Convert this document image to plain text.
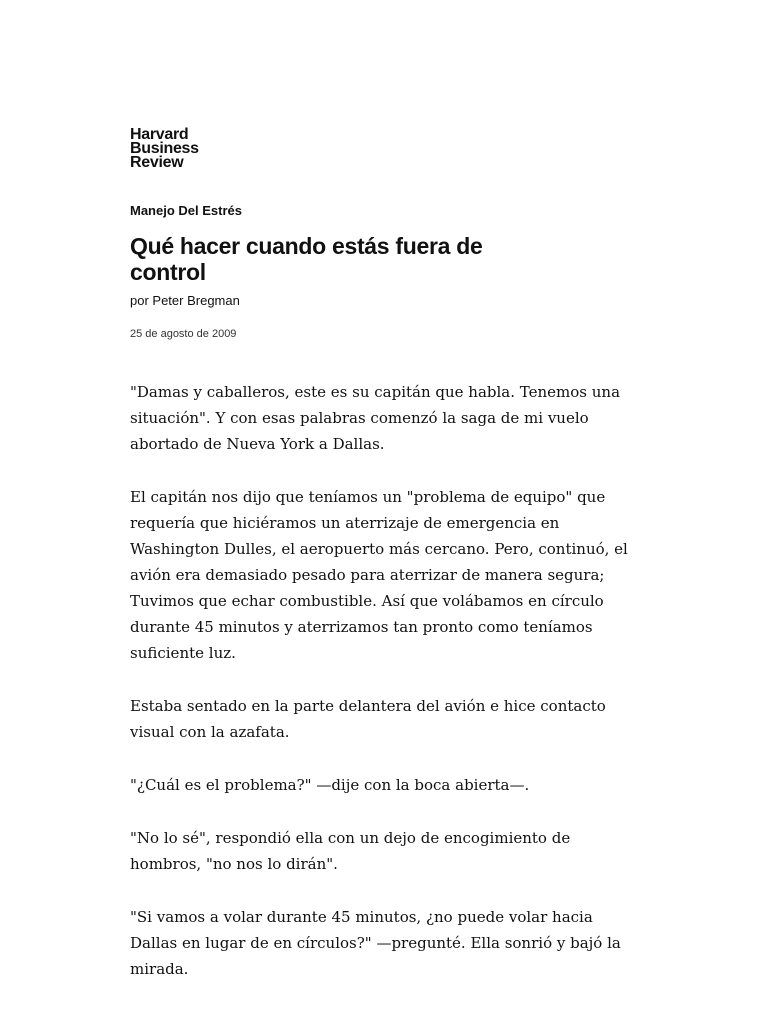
Harvard
Business
Review
Manejo Del Estrés
Qué hacer cuando estás fuera de control
por Peter Bregman
25 de agosto de 2009

"Damas y caballeros, este es su capitán que habla. Tenemos una situación". Y con esas palabras comenzó la saga de mi vuelo abortado de Nueva York a Dallas.

El capitán nos dijo que teníamos un "problema de equipo" que requería que hiciéramos un aterrizaje de emergencia en Washington Dulles, el aeropuerto más cercano. Pero, continuó, el avión era demasiado pesado para aterrizar de manera segura; Tuvimos que echar combustible. Así que volábamos en círculo durante 45 minutos y aterrizamos tan pronto como teníamos suficiente luz.

Estaba sentado en la parte delantera del avión e hice contacto visual con la azafata.

"¿Cuál es el problema?" —dije con la boca abierta—.

"No lo sé", respondió ella con un dejo de encogimiento de hombros, "no nos lo dirán".

"Si vamos a volar durante 45 minutos, ¿no puede volar hacia Dallas en lugar de en círculos?" —pregunté. Ella sonrió y bajó la mirada.
